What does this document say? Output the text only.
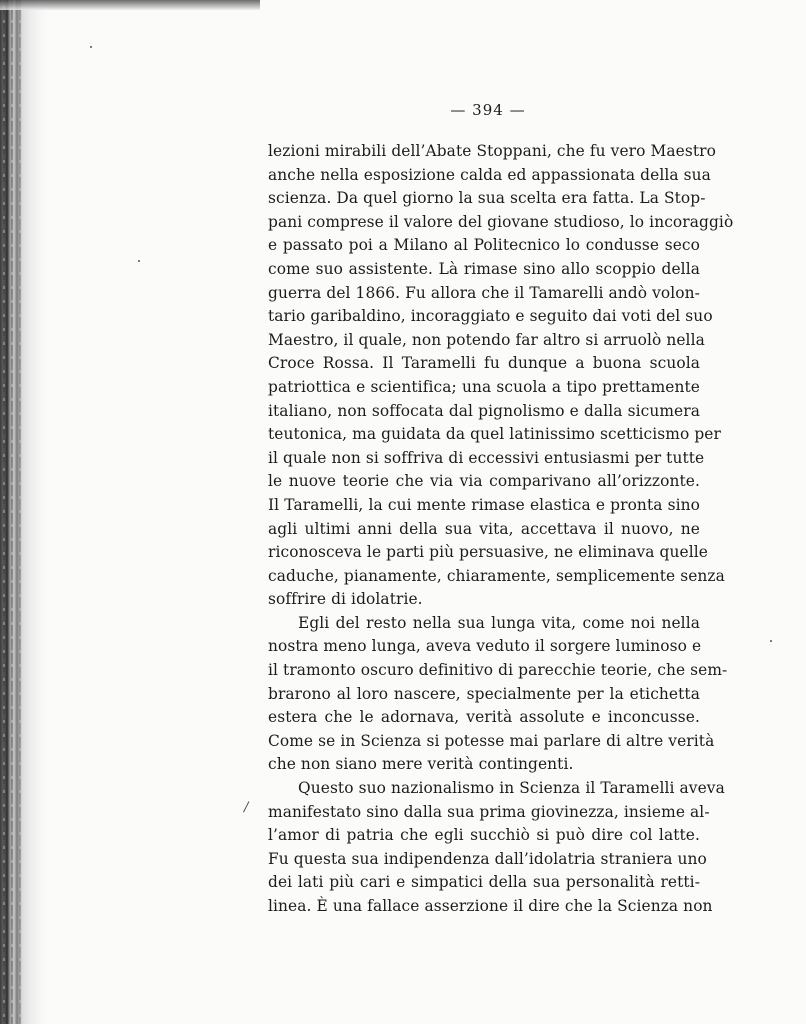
— 394 —
/
lezioni mirabili dell’Abate Stoppani, che fu vero Maestro
anche nella esposizione calda ed appassionata della sua
scienza. Da quel giorno la sua scelta era fatta. La Stop-
pani comprese il valore del giovane studioso, lo incoraggiò
e passato poi a Milano al Politecnico lo condusse seco
come suo assistente. Là rimase sino allo scoppio della
guerra del 1866. Fu allora che il Tamarelli andò volon-
tario garibaldino, incoraggiato e seguito dai voti del suo
Maestro, il quale, non potendo far altro si arruolò nella
Croce Rossa. Il Taramelli fu dunque a buona scuola
patriottica e scientifica; una scuola a tipo prettamente
italiano, non soffocata dal pignolismo e dalla sicumera
teutonica, ma guidata da quel latinissimo scetticismo per
il quale non si soffriva di eccessivi entusiasmi per tutte
le nuove teorie che via via comparivano all’orizzonte.
Il Taramelli, la cui mente rimase elastica e pronta sino
agli ultimi anni della sua vita, accettava il nuovo, ne
riconosceva le parti più persuasive, ne eliminava quelle
caduche, pianamente, chiaramente, semplicemente senza
soffrire di idolatrie.
Egli del resto nella sua lunga vita, come noi nella
nostra meno lunga, aveva veduto il sorgere luminoso e
il tramonto oscuro definitivo di parecchie teorie, che sem-
brarono al loro nascere, specialmente per la etichetta
estera che le adornava, verità assolute e inconcusse.
Come se in Scienza si potesse mai parlare di altre verità
che non siano mere verità contingenti.
Questo suo nazionalismo in Scienza il Taramelli aveva
manifestato sino dalla sua prima giovinezza, insieme al-
l’amor di patria che egli succhiò si può dire col latte.
Fu questa sua indipendenza dall’idolatria straniera uno
dei lati più cari e simpatici della sua personalità retti-
linea. È una fallace asserzione il dire che la Scienza non
